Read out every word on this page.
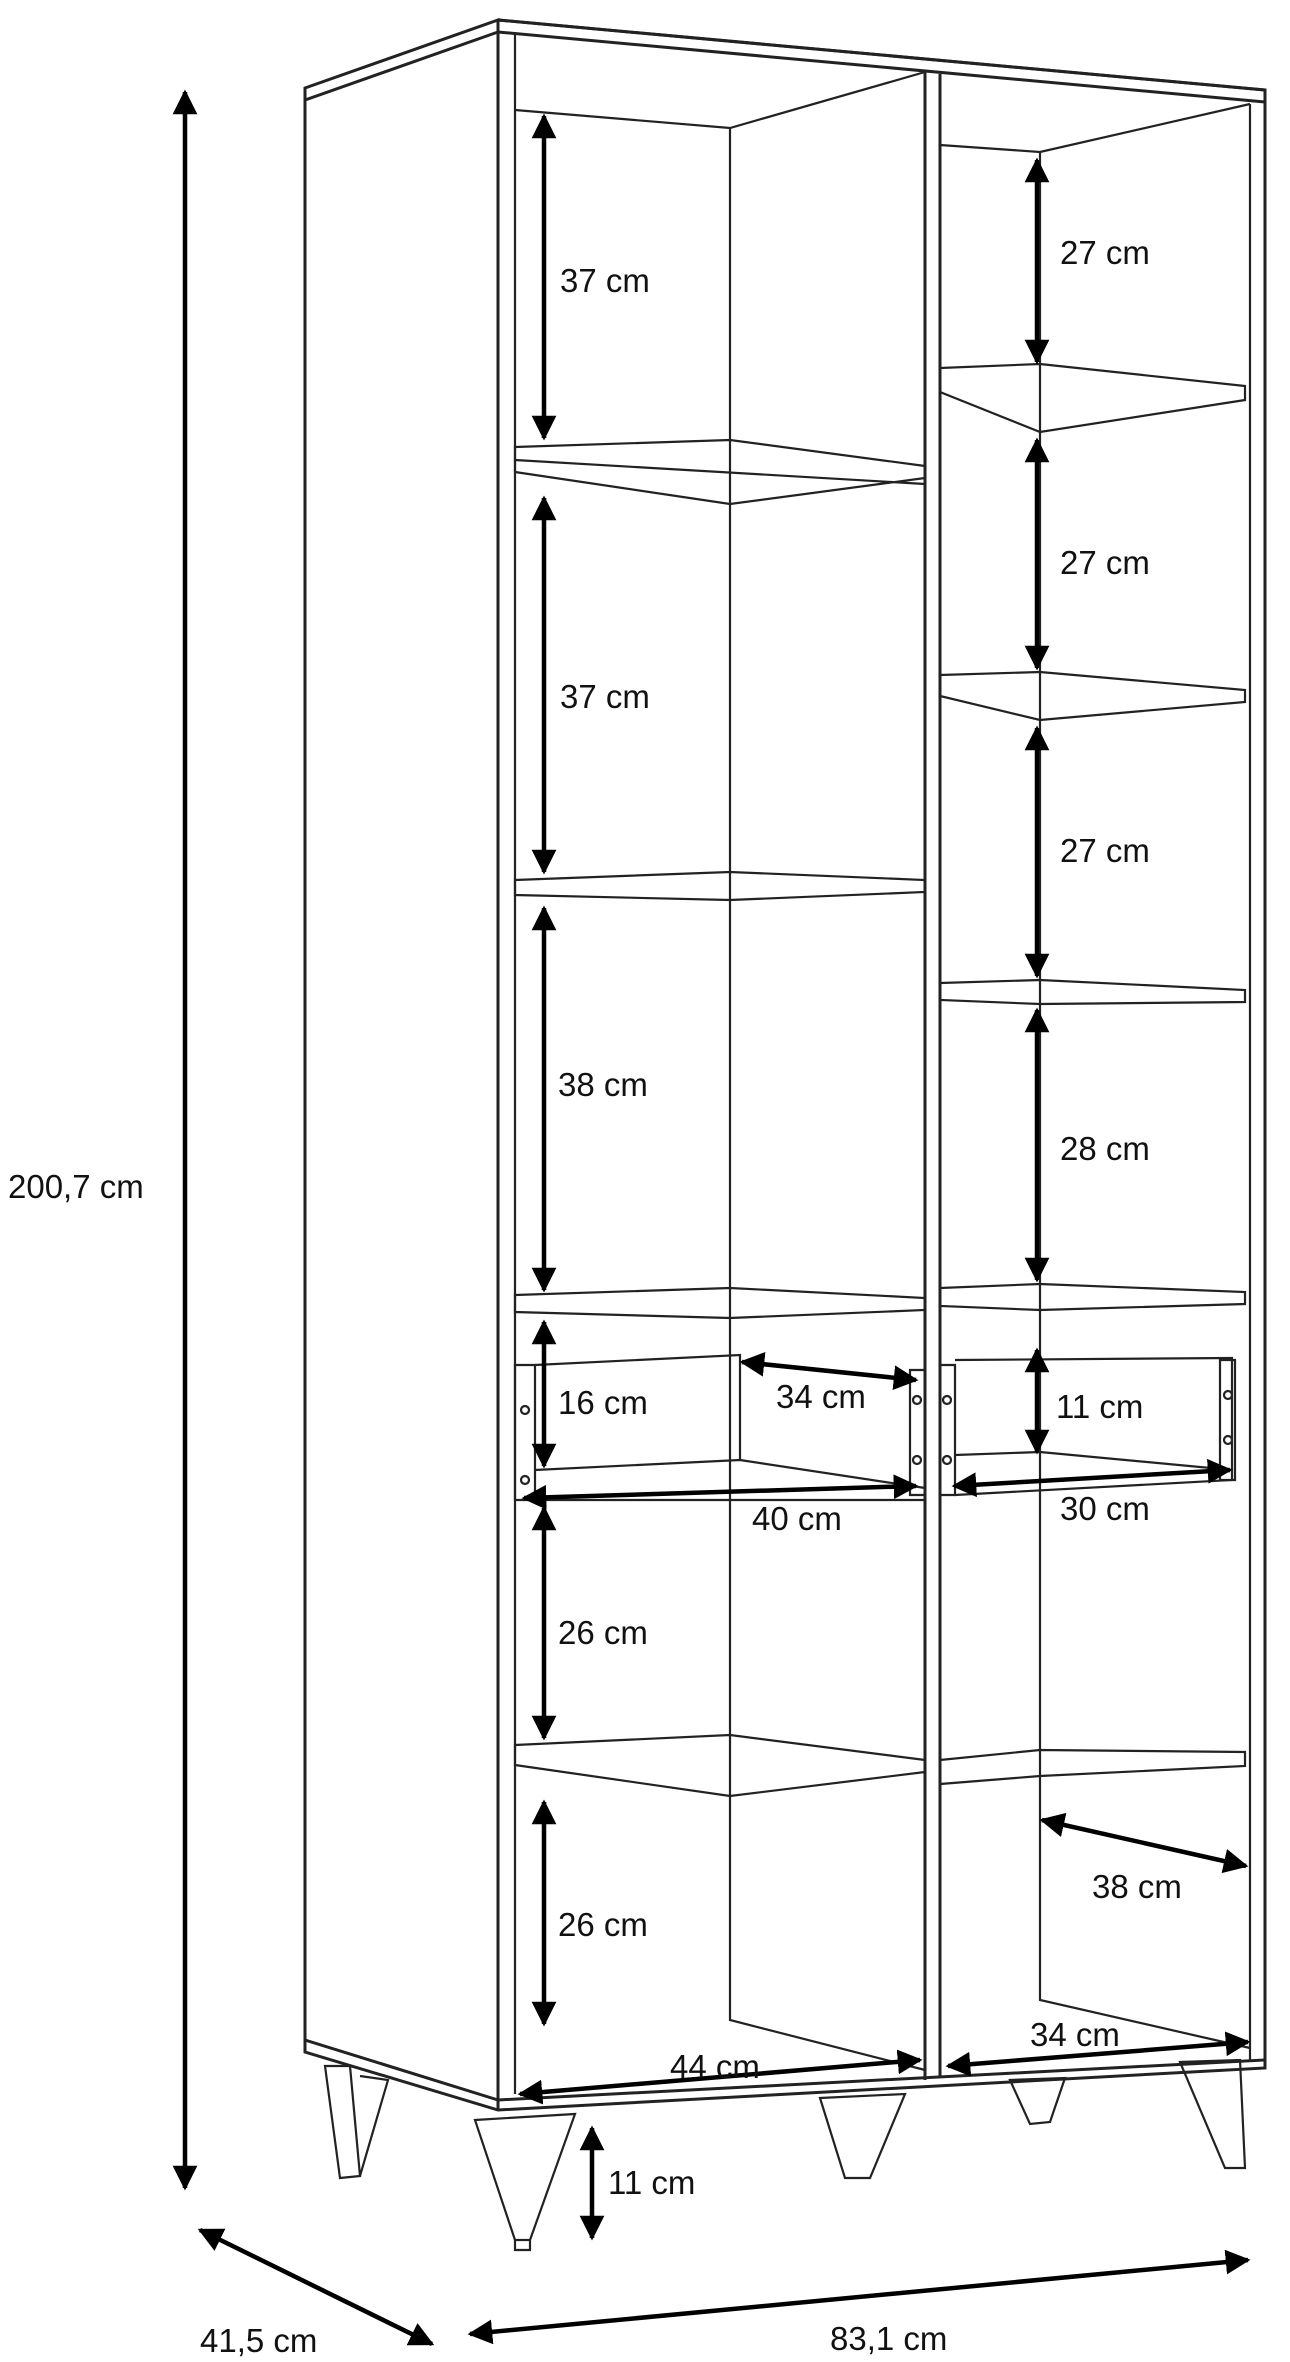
200,7 cm
41,5 cm	83,1 cm
11 cm
37 cm
37 cm
38 cm
16 cm	34 cm
40 cm
26 cm
26 cm
44 cm
27 cm
27 cm
27 cm
28 cm
11 cm
30 cm
38 cm
34 cm
